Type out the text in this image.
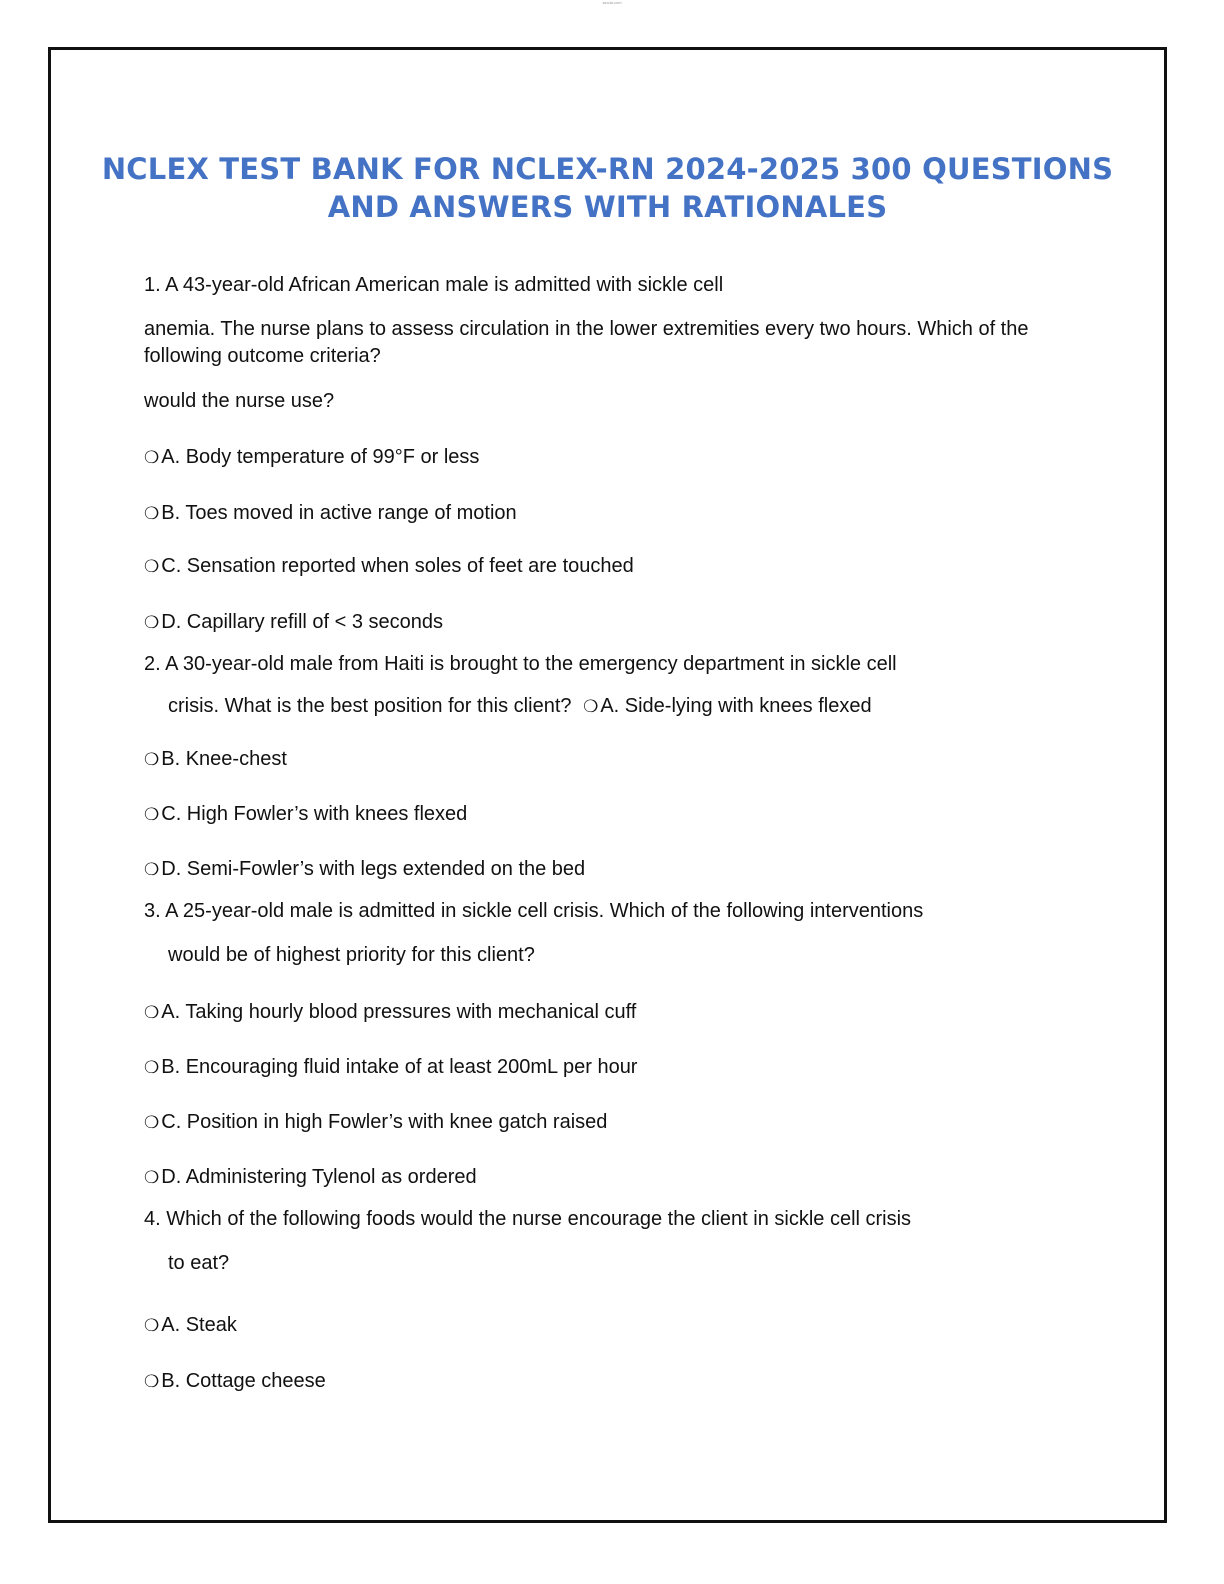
stuvia.com
NCLEX TEST BANK FOR NCLEX-RN 2024-2025 300 QUESTIONS
AND ANSWERS WITH RATIONALES
1. A 43-year-old African American male is admitted with sickle cell
anemia. The nurse plans to assess circulation in the lower extremities every two hours. Which of the
following outcome criteria?
would the nurse use?
❍ A. Body temperature of 99°F or less
❍ B. Toes moved in active range of motion
❍ C. Sensation reported when soles of feet are touched
❍ D. Capillary refill of < 3 seconds
2. A 30-year-old male from Haiti is brought to the emergency department in sickle cell
crisis. What is the best position for this client? ❍ A. Side-lying with knees flexed
❍ B. Knee-chest
❍ C. High Fowler’s with knees flexed
❍ D. Semi-Fowler’s with legs extended on the bed
3. A 25-year-old male is admitted in sickle cell crisis. Which of the following interventions
would be of highest priority for this client?
❍ A. Taking hourly blood pressures with mechanical cuff
❍ B. Encouraging fluid intake of at least 200mL per hour
❍ C. Position in high Fowler’s with knee gatch raised
❍ D. Administering Tylenol as ordered
4. Which of the following foods would the nurse encourage the client in sickle cell crisis
to eat?
❍ A. Steak
❍ B. Cottage cheese
